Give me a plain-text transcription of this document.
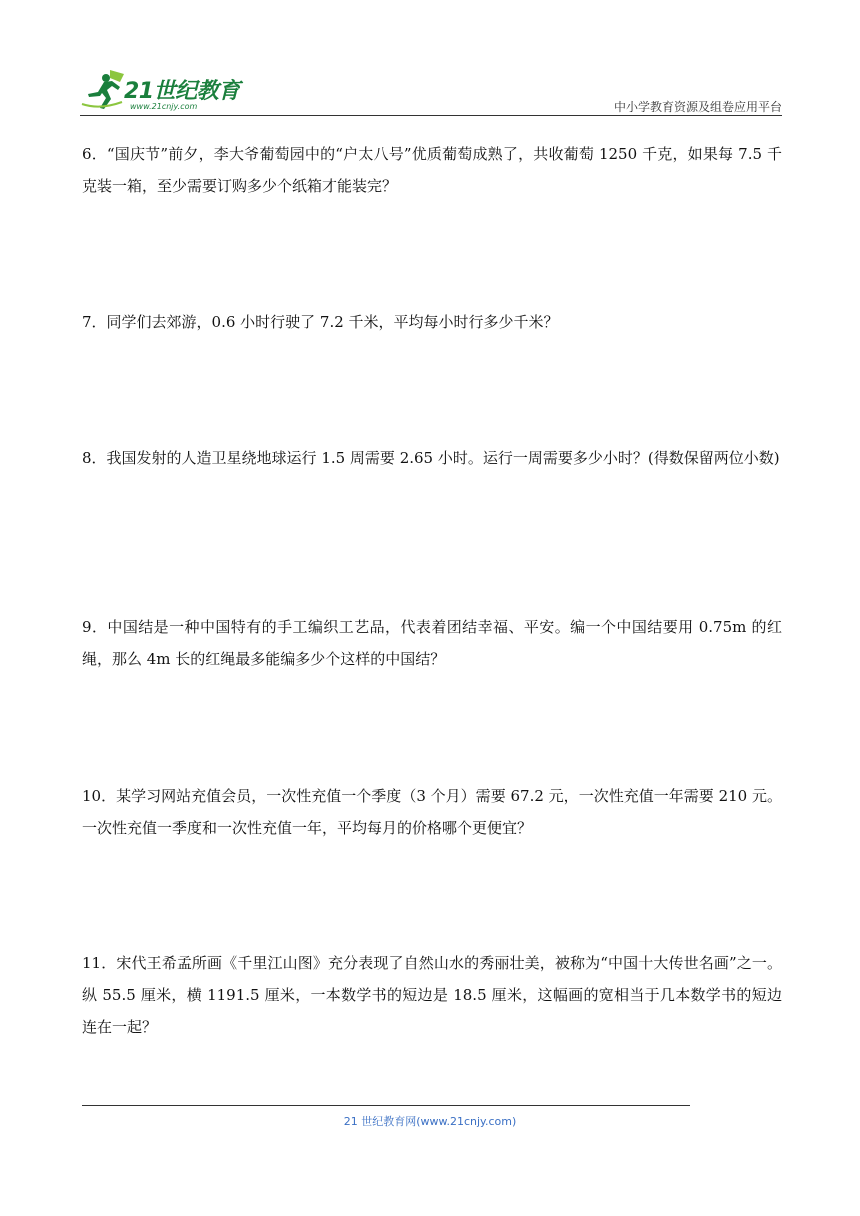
21世纪教育
www.21cnjy.com	中小学教育资源及组卷应用平台
6．“国庆节”前夕，李大爷葡萄园中的“户太八号”优质葡萄成熟了，共收葡萄 1250 千克，如果每 7.5 千克装一箱，至少需要订购多少个纸箱才能装完？
7．同学们去郊游，0.6 小时行驶了 7.2 千米，平均每小时行多少千米？
8．我国发射的人造卫星绕地球运行 1.5 周需要 2.65 小时。运行一周需要多少小时？(得数保留两位小数)
9．中国结是一种中国特有的手工编织工艺品，代表着团结幸福、平安。编一个中国结要用 0.75m 的红绳，那么 4m 长的红绳最多能编多少个这样的中国结？
10．某学习网站充值会员，一次性充值一个季度（3 个月）需要 67.2 元，一次性充值一年需要 210 元。一次性充值一季度和一次性充值一年，平均每月的价格哪个更便宜？
11．宋代王希孟所画《千里江山图》充分表现了自然山水的秀丽壮美，被称为“中国十大传世名画”之一。纵 55.5 厘米，横 1191.5 厘米，一本数学书的短边是 18.5 厘米，这幅画的宽相当于几本数学书的短边连在一起？
21 世纪教育网(www.21cnjy.com)
